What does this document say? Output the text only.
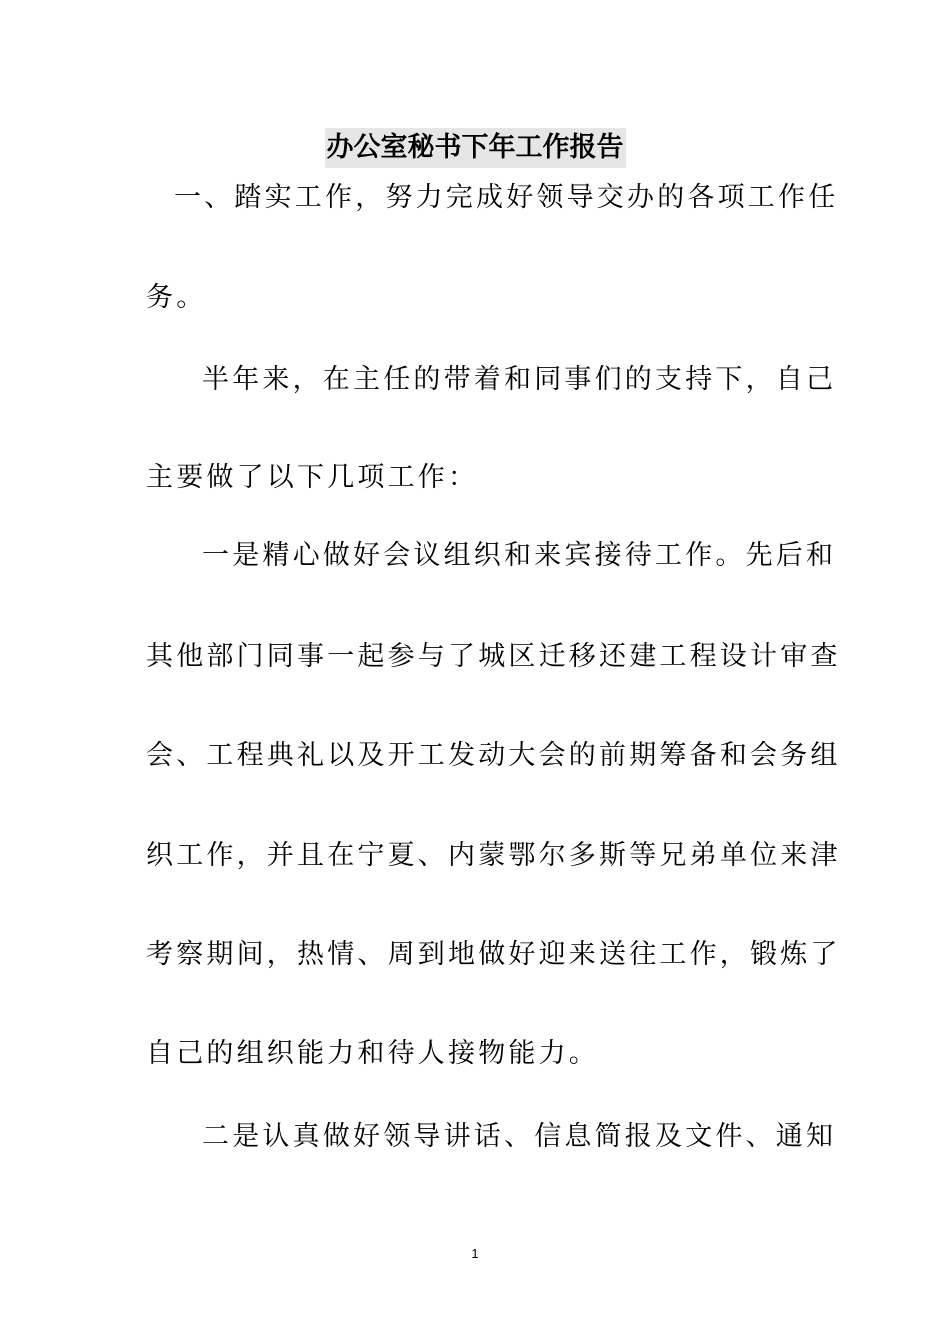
办公室秘书下年工作报告
一、踏实工作，努力完成好领导交办的各项工作任
务。
半年来，在主任的带着和同事们的支持下，自己
主要做了以下几项工作：
一是精心做好会议组织和来宾接待工作。先后和
其他部门同事一起参与了城区迁移还建工程设计审查
会、工程典礼以及开工发动大会的前期筹备和会务组
织工作，并且在宁夏、内蒙鄂尔多斯等兄弟单位来津
考察期间，热情、周到地做好迎来送往工作，锻炼了
自己的组织能力和待人接物能力。
二是认真做好领导讲话、信息简报及文件、通知
1
